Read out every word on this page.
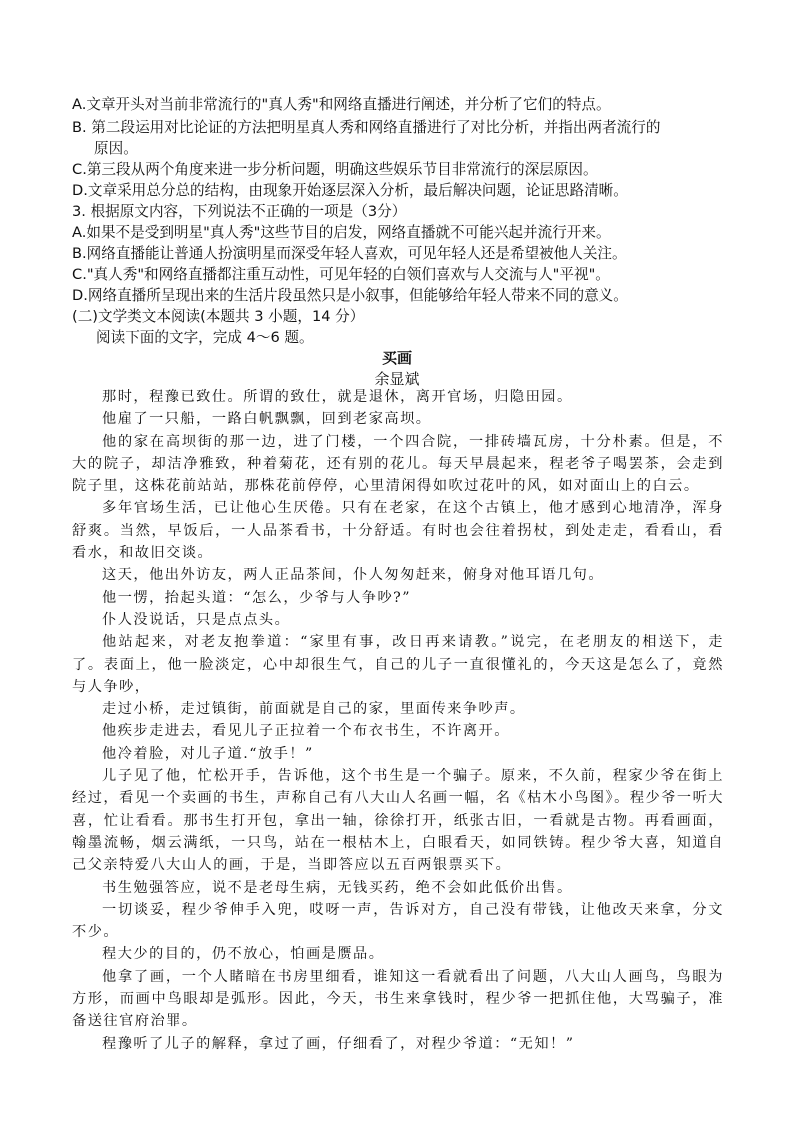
A.文章开头对当前非常流行的"真人秀"和网络直播进行阐述，并分析了它们的特点。
B. 第二段运用对比论证的方法把明星真人秀和网络直播进行了对比分析，并指出两者流行的
原因。
C.第三段从两个角度来进一步分析问题，明确这些娱乐节目非常流行的深层原因。
D.文章采用总分总的结构，由现象开始逐层深入分析，最后解决问题，论证思路清晰。
3. 根据原文内容，下列说法不正确的一项是（3分）
A.如果不是受到明星"真人秀"这些节目的启发，网络直播就不可能兴起并流行开来。
B.网络直播能让普通人扮演明星而深受年轻人喜欢，可见年轻人还是希望被他人关注。
C."真人秀"和网络直播都注重互动性，可见年轻的白领们喜欢与人交流与人"平视"。
D.网络直播所呈现出来的生活片段虽然只是小叙事，但能够给年轻人带来不同的意义。
(二)文学类文本阅读(本题共 3 小题，14 分）
阅读下面的文字，完成 4～6 题。
买画
余显斌

那时，程豫已致仕。所谓的致仕，就是退休，离开官场，归隐田园。

他雇了一只船，一路白帆飘飘，回到老家高坝。

他的家在高坝街的那一边，进了门楼，一个四合院，一排砖墙瓦房，十分朴素。但是，不大的院子，却洁净雅致，种着菊花，还有别的花儿。每天早晨起来，程老爷子喝罢茶，会走到院子里，这株花前站站，那株花前停停，心里清闲得如吹过花叶的风，如对面山上的白云。

多年官场生活，已让他心生厌倦。只有在老家，在这个古镇上，他才感到心地清净，浑身舒爽。当然，早饭后，一人品茶看书，十分舒适。有时也会往着拐杖，到处走走，看看山，看看水，和故旧交谈。

这天，他出外访友，两人正品茶间，仆人匆匆赶来，俯身对他耳语几句。

他一愣，抬起头道：“怎么，少爷与人争吵?”

仆人没说话，只是点点头。

他站起来，对老友抱拳道：“家里有事，改日再来请教。”说完，在老朋友的相送下，走了。表面上，他一脸淡定，心中却很生气，自己的儿子一直很懂礼的，今天这是怎么了，竟然与人争吵，

走过小桥，走过镇街，前面就是自己的家，里面传来争吵声。

他疾步走进去，看见儿子正拉着一个布衣书生，不许离开。

他冷着脸，对儿子道.“放手！”

儿子见了他，忙松开手，告诉他，这个书生是一个骗子。原来，不久前，程家少爷在街上经过，看见一个卖画的书生，声称自己有八大山人名画一幅，名《枯木小鸟图》。程少爷一听大喜，忙让看看。那书生打开包，拿出一轴，徐徐打开，纸张古旧，一看就是古物。再看画面，翰墨流畅，烟云满纸，一只鸟，站在一根枯木上，白眼看天，如同铁铸。程少爷大喜，知道自己父亲特爱八大山人的画，于是，当即答应以五百两银票买下。

书生勉强答应，说不是老母生病，无钱买药，绝不会如此低价出售。

一切谈妥，程少爷伸手入兜，哎呀一声，告诉对方，自己没有带钱，让他改天来拿，分文不少。

程大少的目的，仍不放心，怕画是赝品。

他拿了画，一个人睹暗在书房里细看，谁知这一看就看出了问题，八大山人画鸟，鸟眼为方形，而画中鸟眼却是弧形。因此，今天，书生来拿钱时，程少爷一把抓住他，大骂骗子，准备送往官府治罪。

程豫听了儿子的解释，拿过了画，仔细看了，对程少爷道：“无知！”
